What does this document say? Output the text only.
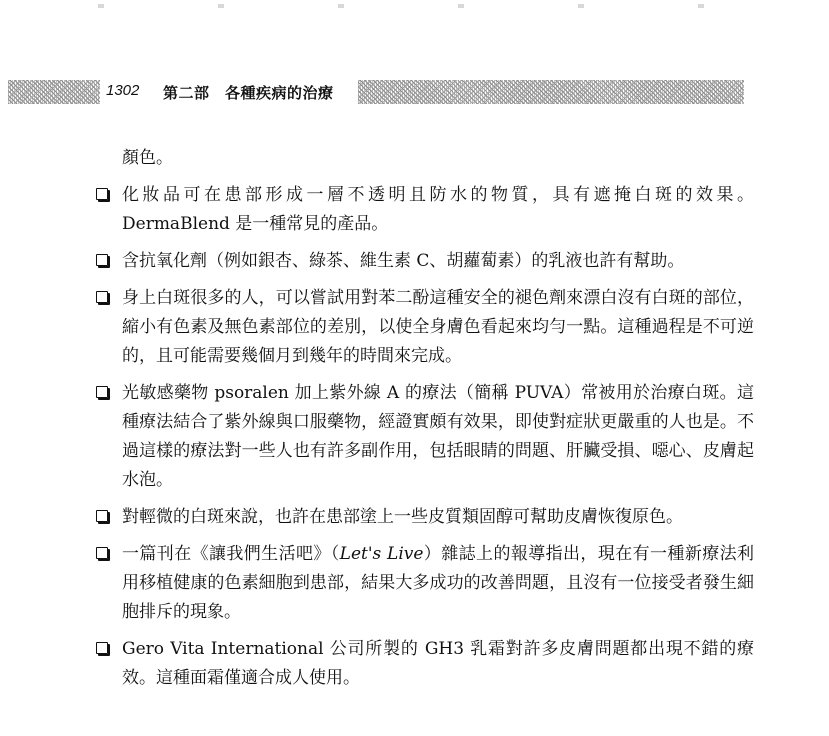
1302 第二部　各種疾病的治療
顏色。
化妝品可在患部形成一層不透明且防水的物質，具有遮掩白斑的效果。DermaBlend 是一種常見的產品。
含抗氧化劑（例如銀杏、綠茶、維生素 C、胡蘿蔔素）的乳液也許有幫助。
身上白斑很多的人，可以嘗試用對苯二酚這種安全的褪色劑來漂白沒有白斑的部位，縮小有色素及無色素部位的差別，以使全身膚色看起來均勻一點。這種過程是不可逆的，且可能需要幾個月到幾年的時間來完成。
光敏感藥物 psoralen 加上紫外線 A 的療法（簡稱 PUVA）常被用於治療白斑。這種療法結合了紫外線與口服藥物，經證實頗有效果，即使對症狀更嚴重的人也是。不過這樣的療法對一些人也有許多副作用，包括眼睛的問題、肝臟受損、噁心、皮膚起水泡。
對輕微的白斑來說，也許在患部塗上一些皮質類固醇可幫助皮膚恢復原色。
一篇刊在《讓我們生活吧》（Let's Live）雜誌上的報導指出，現在有一種新療法利用移植健康的色素細胞到患部，結果大多成功的改善問題，且沒有一位接受者發生細胞排斥的現象。
Gero Vita International 公司所製的 GH3 乳霜對許多皮膚問題都出現不錯的療效。這種面霜僅適合成人使用。
